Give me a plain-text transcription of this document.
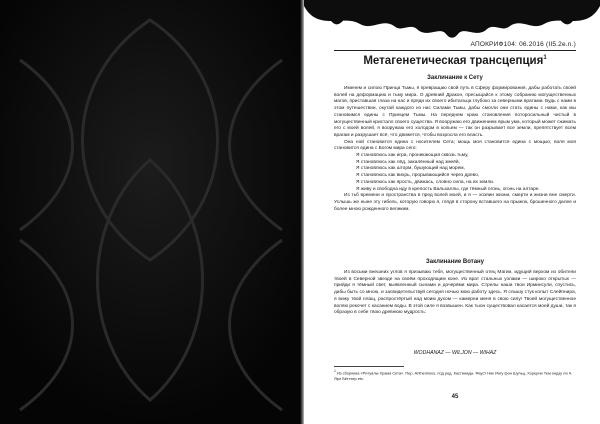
АПОКРИФ104: 06.2016 (II5.2e.n.)
Метагенетическая трансцепция$^1$
Заклинание к Сету

Именем и силою Принца Тьмы, я превращаю свой путь в Сферу формирования, дабы работать своей волей на деформацию и тьму мира. О древний Дракон, пресыщайся к этому собранию могущественных магов, приставшая глаза на нас и пряди их своего ибитальца глубоко за северными вратами. Будь с нами в этом путешествии, окутай каждого из нас Силами Тьмы, дабы смогли они стать едины с нами, как мы становимся едины с Принцем Тьмы. На переднем краю становления поторосильный чистый в могущественный кристалл своего существа. Я вооружаю его движением ярым ума, который может сжимать его с моей волей, я вооружаю его холодом в копьем — так он разрывает все земли, препятствует всем врагам и разрушает всё, что движется, чтобы возросла его власть.

Она ной становится едина с носителем Сета; мощь моя становится едина с мощью; воля моя становится едина с Богом мира сего:

Я становлюсь как игра, проникающая сквозь тьму,

Я становлюсь как лёд, закалённый над змеёй,

Я становлюсь как шторм, бушующий над морем,

Я становлюсь как вихрь, прорывающийся через древо,

Я становлюсь как ярость, движась, словно сила, на их земли.

Я живу и свободна иду в крепость Вальхаллы, где тёмный огонь, огонь на алтаре.

Из тьб времени и пространства в пред волей моей, и я — хозяин жизни, смерти и жизни вне смерти. Услышь же ныне эту гибель, которую говорю я, глядя в сторону вставшего на прыжок, брошенного далее и более мною рожденного великим.

Заклинание Вотану

Из восьми внешних углов я призываю тебя, могущественный отец Магии, идущий верхом из обители твоей в Северной звезде на своём проходящим коне. Из врат стальных узлами — широко открытых — прийди я тёмный свет, выявленный сынами и дочерями мира. Стрелы наши твои Ирминсули, спустись, дабы быть со мною, и засвидетельствуй сегодня ночью мою работу здесь. Я слышу стук копыт Слейпнира, я вижу твой плащ, распростёртый над моим духом — камерни меня в свою силу! Твоей могущественное воляю рекочет с касанием воды. В этой силе я возвышен. Как тыон существовал касается моей души, так я образую в себе твою древнюю мудрость:

WODHANAZ — WILJON — WIHAZ
$^1$ Из сборника «Ритуалы Храма Сета». Пер. Anthemious, под ред. Кастиниды. Фауст Ник Ингу фон Шульц, Хорерии Тем ондзу ли Ч. Ярл Бёттхер etc.
45
